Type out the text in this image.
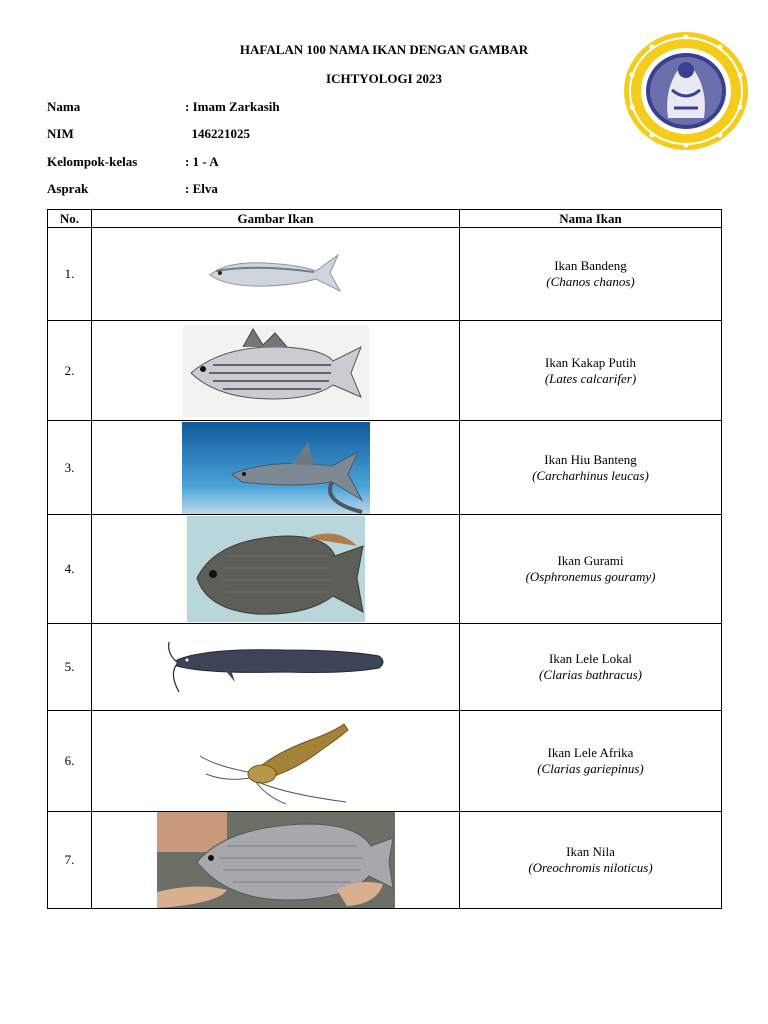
HAFALAN 100 NAMA IKAN DENGAN GAMBAR
ICHTYOLOGI 2023
Nama	: Imam Zarkasih
NIM	146221025
Kelompok-kelas	: 1 - A
Asprak	: Elva
No.	Gambar Ikan	Nama Ikan
1.		Ikan Bandeng
(Chanos chanos)

2.		Ikan Kakap Putih
(Lates calcarifer)

3.		Ikan Hiu Banteng
(Carcharhinus leucas)

4.		Ikan Gurami
(Osphronemus gouramy)

5.		Ikan Lele Lokal
(Clarias bathracus)

6.		Ikan Lele Afrika
(Clarias gariepinus)

7.		Ikan Nila
(Oreochromis niloticus)
